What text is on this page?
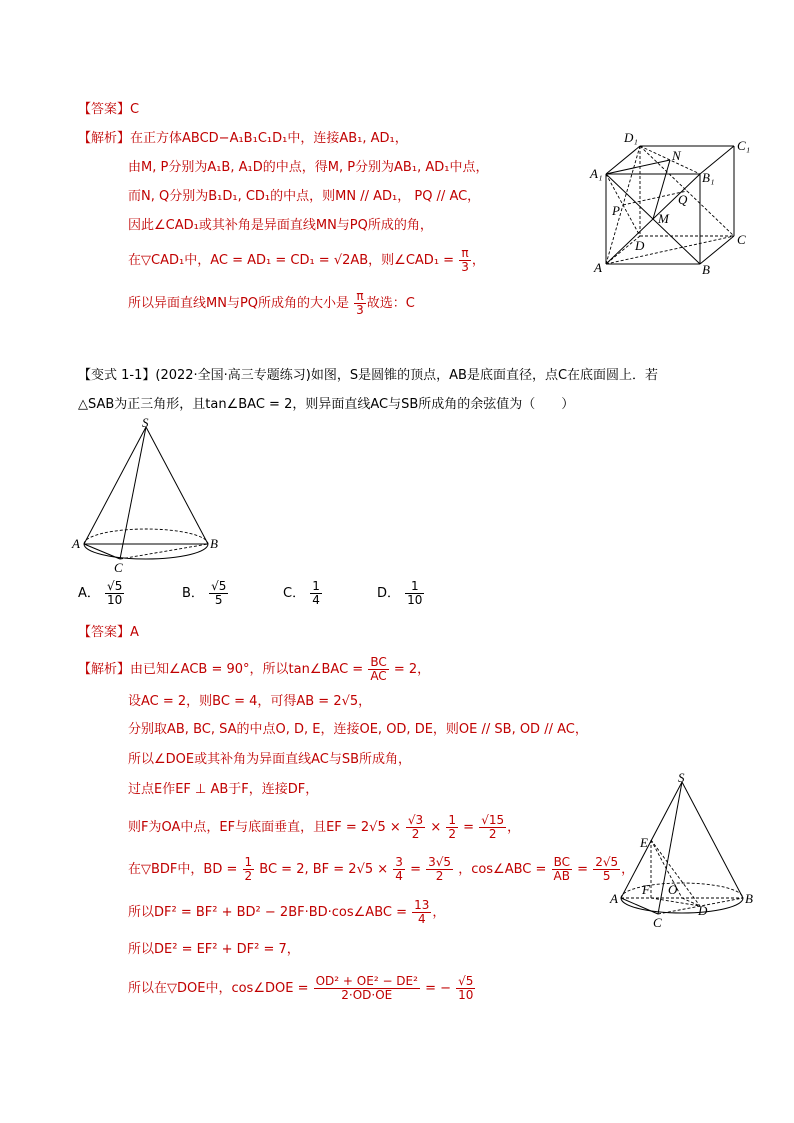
【答案】C
【解析】在正方体ABCD−A₁B₁C₁D₁中，连接AB₁, AD₁，
由M, P分别为A₁B, A₁D的中点，得M, P分别为AB₁, AD₁中点，
而N, Q分别为B₁D₁, CD₁的中点，则MN // AD₁， PQ // AC，
因此∠CAD₁或其补角是异面直线MN与PQ所成的角，
在▽CAD₁中，AC = AD₁ = CD₁ = √2AB，则∠CAD₁ = $\frac{\pi}{3}$ ，
所以异面直线MN与PQ所成角的大小是 $\frac{\pi}{3}$ 故选：C
D₁
C₁
A₁	B₁
N
P
Q
M
D	C
A	B
【变式 1-1】(2022·全国·高三专题练习)如图，S是圆锥的顶点，AB是底面直径，点C在底面圆上．若
△SAB为正三角形，且tan∠BAC = 2，则异面直线AC与SB所成角的余弦值为（　　）
S
A	B
C
A． $\frac{√5}{10}$	B． $\frac{√5}{5}$	C． $\frac{1}{4}$	D． $\frac{1}{10}$
【答案】A
【解析】由已知∠ACB = 90°，所以tan∠BAC = $\frac{BC}{AC} = 2$，
设AC = 2，则BC = 4，可得AB = 2√5，
分别取AB, BC, SA的中点O, D, E，连接OE, OD, DE，则OE // SB, OD // AC，
所以∠DOE或其补角为异面直线AC与SB所成角，
过点E作EF ⊥ AB于F，连接DF，
则F为OA中点，EF与底面垂直，且EF = $2√5 \times \frac{√3}{2} \times \frac{1}{2} = \frac{√15}{2}$ ，
在▽BDF中，BD = $\frac{1}{2}$ BC = 2, BF = $2√5 \times \frac{3}{4} = \frac{3√5}{2}$ ，cos∠ABC = $\frac{BC}{AB} = \frac{2√5}{5}$ ，
所以DF² = BF² + BD² − 2BF·BD·cos∠ABC = $\frac{13}{4}$ ，
所以DE² = EF² + DF² = 7，
所以在▽DOE中，cos∠DOE = $\frac{\text{OD² + OE² − DE²}}{2\cdot OD\cdot OE}$ = − $\frac{√5}{10}$
S
E
A
F O
D
B
C
